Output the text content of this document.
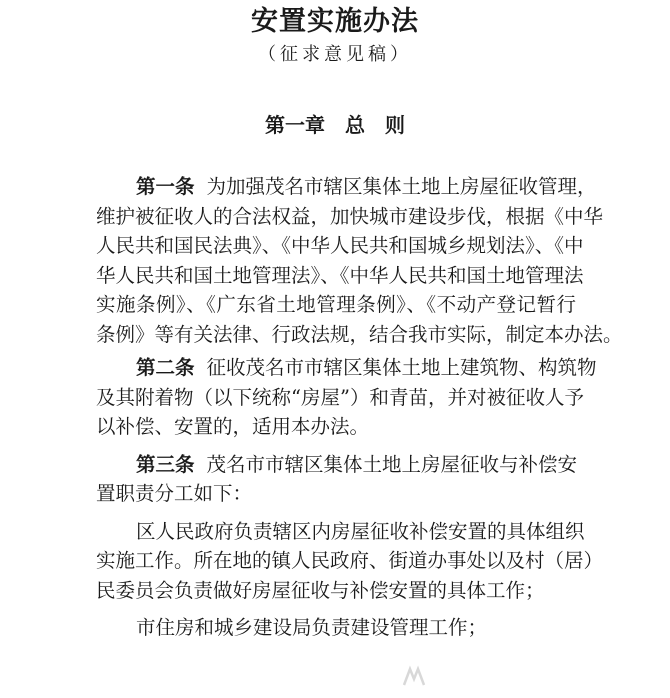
安置实施办法
（征求意见稿）
第一章 总　则
第一条 为加强茂名市辖区集体土地上房屋征收管理，
维护被征收人的合法权益，加快城市建设步伐，根据《中华
人民共和国民法典》、《中华人民共和国城乡规划法》、《中
华人民共和国土地管理法》、《中华人民共和国土地管理法
实施条例》、《广东省土地管理条例》、《不动产登记暂行
条例》等有关法律、行政法规，结合我市实际，制定本办法。
第二条 征收茂名市市辖区集体土地上建筑物、构筑物
及其附着物（以下统称“房屋”）和青苗，并对被征收人予
以补偿、安置的，适用本办法。
第三条 茂名市市辖区集体土地上房屋征收与补偿安
置职责分工如下：
区人民政府负责辖区内房屋征收补偿安置的具体组织
实施工作。所在地的镇人民政府、街道办事处以及村（居）
民委员会负责做好房屋征收与补偿安置的具体工作；
市住房和城乡建设局负责建设管理工作；
